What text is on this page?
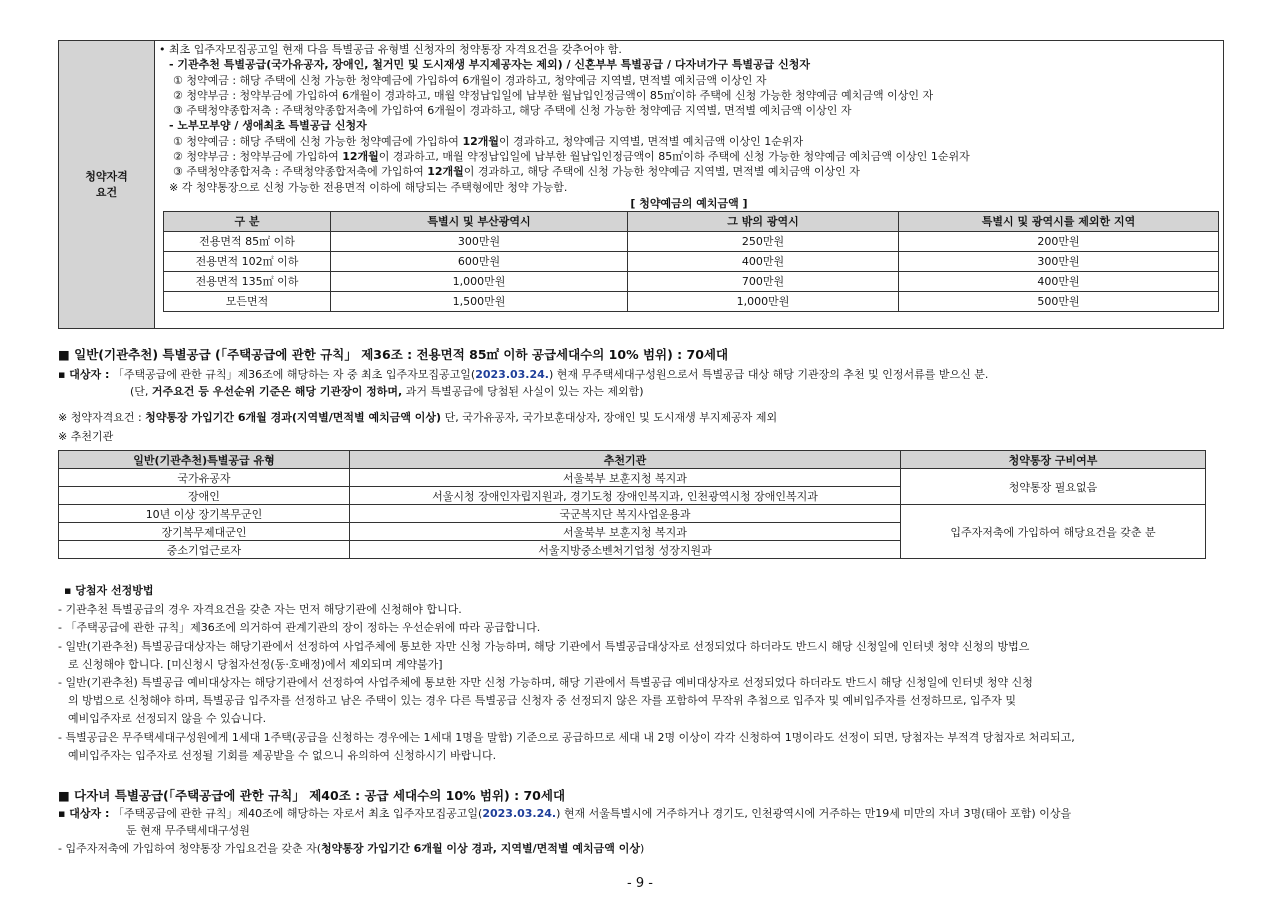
청약자격
요건
• 최초 입주자모집공고일 현재 다음 특별공급 유형별 신청자의 청약통장 자격요건을 갖추어야 함.
- 기관추천 특별공급(국가유공자, 장애인, 철거민 및 도시재생 부지제공자는 제외) / 신혼부부 특별공급 / 다자녀가구 특별공급 신청자
① 청약예금 : 해당 주택에 신청 가능한 청약예금에 가입하여 6개월이 경과하고, 청약예금 지역별, 면적별 예치금액 이상인 자
② 청약부금 : 청약부금에 가입하여 6개월이 경과하고, 매월 약정납입일에 납부한 월납입인정금액이 85㎡이하 주택에 신청 가능한 청약예금 예치금액 이상인 자
③ 주택청약종합저축 : 주택청약종합저축에 가입하여 6개월이 경과하고, 해당 주택에 신청 가능한 청약예금 지역별, 면적별 예치금액 이상인 자
- 노부모부양 / 생애최초 특별공급 신청자
① 청약예금 : 해당 주택에 신청 가능한 청약예금에 가입하여 12개월이 경과하고, 청약예금 지역별, 면적별 예치금액 이상인 1순위자
② 청약부금 : 청약부금에 가입하여 12개월이 경과하고, 매월 약정납입일에 납부한 월납입인정금액이 85㎡이하 주택에 신청 가능한 청약예금 예치금액 이상인 1순위자
③ 주택청약종합저축 : 주택청약종합저축에 가입하여 12개월이 경과하고, 해당 주택에 신청 가능한 청약예금 지역별, 면적별 예치금액 이상인 자
※ 각 청약통장으로 신청 가능한 전용면적 이하에 해당되는 주택형에만 청약 가능함.
[ 청약예금의 예치금액 ]
구 분	특별시 및 부산광역시	그 밖의 광역시	특별시 및 광역시를 제외한 지역
전용면적 85㎡ 이하	300만원	250만원	200만원
전용면적 102㎡ 이하	600만원	400만원	300만원
전용면적 135㎡ 이하	1,000만원	700만원	400만원
모든면적	1,500만원	1,000만원	500만원
■ 일반(기관추천) 특별공급 (「주택공급에 관한 규칙」 제36조 : 전용면적 85㎡ 이하 공급세대수의 10% 범위) : 70세대
▪ 대상자 : 「주택공급에 관한 규칙」제36조에 해당하는 자 중 최초 입주자모집공고일(2023.03.24.) 현재 무주택세대구성원으로서 특별공급 대상 해당 기관장의 추천 및 인정서류를 받으신 분.
(단, 거주요건 등 우선순위 기준은 해당 기관장이 정하며, 과거 특별공급에 당첨된 사실이 있는 자는 제외함)
※ 청약자격요건 : 청약통장 가입기간 6개월 경과(지역별/면적별 예치금액 이상) 단, 국가유공자, 국가보훈대상자, 장애인 및 도시재생 부지제공자 제외
※ 추천기관
일반(기관추천)특별공급 유형	추천기관	청약통장 구비여부
국가유공자	서울북부 보훈지청 복지과	청약통장 필요없음
장애인	서울시청 장애인자립지원과, 경기도청 장애인복지과, 인천광역시청 장애인복지과	
10년 이상 장기복무군인	국군복지단 복지사업운용과	입주자저축에 가입하여 해당요건을 갖춘 분
장기복무제대군인	서울북부 보훈지청 복지과	
중소기업근로자	서울지방중소벤처기업청 성장지원과	
▪ 당첨자 선정방법
- 기관추천 특별공급의 경우 자격요건을 갖춘 자는 먼저 해당기관에 신청해야 합니다.
- 「주택공급에 관한 규칙」제36조에 의거하여 관계기관의 장이 정하는 우선순위에 따라 공급합니다.
- 일반(기관추천) 특별공급대상자는 해당기관에서 선정하여 사업주체에 통보한 자만 신청 가능하며, 해당 기관에서 특별공급대상자로 선정되었다 하더라도 반드시 해당 신청일에 인터넷 청약 신청의 방법으
로 신청해야 합니다. [미신청시 당첨자선정(동·호배정)에서 제외되며 계약불가]
- 일반(기관추천) 특별공급 예비대상자는 해당기관에서 선정하여 사업주체에 통보한 자만 신청 가능하며, 해당 기관에서 특별공급 예비대상자로 선정되었다 하더라도 반드시 해당 신청일에 인터넷 청약 신청
의 방법으로 신청해야 하며, 특별공급 입주자를 선정하고 남은 주택이 있는 경우 다른 특별공급 신청자 중 선정되지 않은 자를 포함하여 무작위 추첨으로 입주자 및 예비입주자를 선정하므로, 입주자 및
예비입주자로 선정되지 않을 수 있습니다.
- 특별공급은 무주택세대구성원에게 1세대 1주택(공급을 신청하는 경우에는 1세대 1명을 말함) 기준으로 공급하므로 세대 내 2명 이상이 각각 신청하여 1명이라도 선정이 되면, 당첨자는 부적격 당첨자로 처리되고,
예비입주자는 입주자로 선정될 기회를 제공받을 수 없으니 유의하여 신청하시기 바랍니다.
■ 다자녀 특별공급(「주택공급에 관한 규칙」 제40조 : 공급 세대수의 10% 범위) : 70세대
▪ 대상자 : 「주택공급에 관한 규칙」제40조에 해당하는 자로서 최초 입주자모집공고일(2023.03.24.) 현재 서울특별시에 거주하거나 경기도, 인천광역시에 거주하는 만19세 미만의 자녀 3명(태아 포함) 이상을
둔 현재 무주택세대구성원
- 입주자저축에 가입하여 청약통장 가입요건을 갖춘 자(청약통장 가입기간 6개월 이상 경과, 지역별/면적별 예치금액 이상)
- 9 -
